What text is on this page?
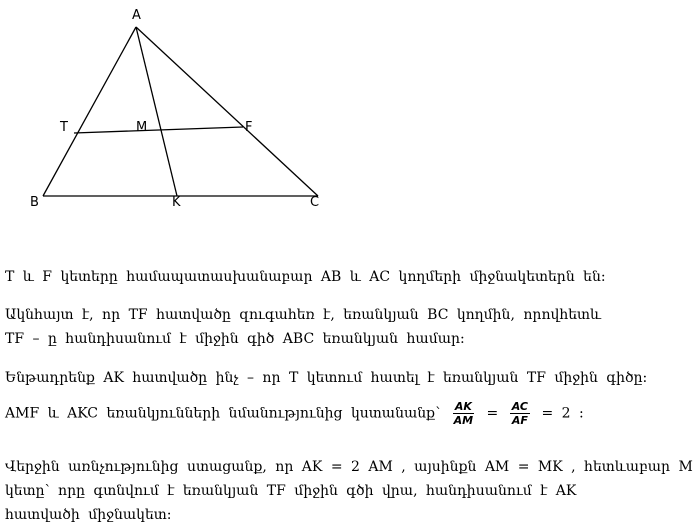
A
T	M	F
B	K	C
T և F կետերը համապատասխանաբար AB և AC կողմերի միջնակետերն են։
Ակնհայտ է, որ TF հատվածը զուգահեռ է, եռանկյան BC կողմին, որովհետև
TF – ը հանդիսանում է միջին գիծ ABC եռանկյան համար։
Ենթադրենք AK հատվածը ինչ – որ T կետում հատել է եռանկյան TF միջին գիծը։
AMF և AKC եռանկյունների նմանությունից կստանանք՝ $\frac{AK}{AM} = \frac{AC}{AF} = 2$ :
Վերջին առնչությունից ստացանք, որ AK = 2 AM , այսինքն AM = MK , հետևաբար M
կետը՝ որը գտնվում է եռանկյան TF միջին գծի վրա, հանդիսանում է AK
հատվածի միջնակետ։
